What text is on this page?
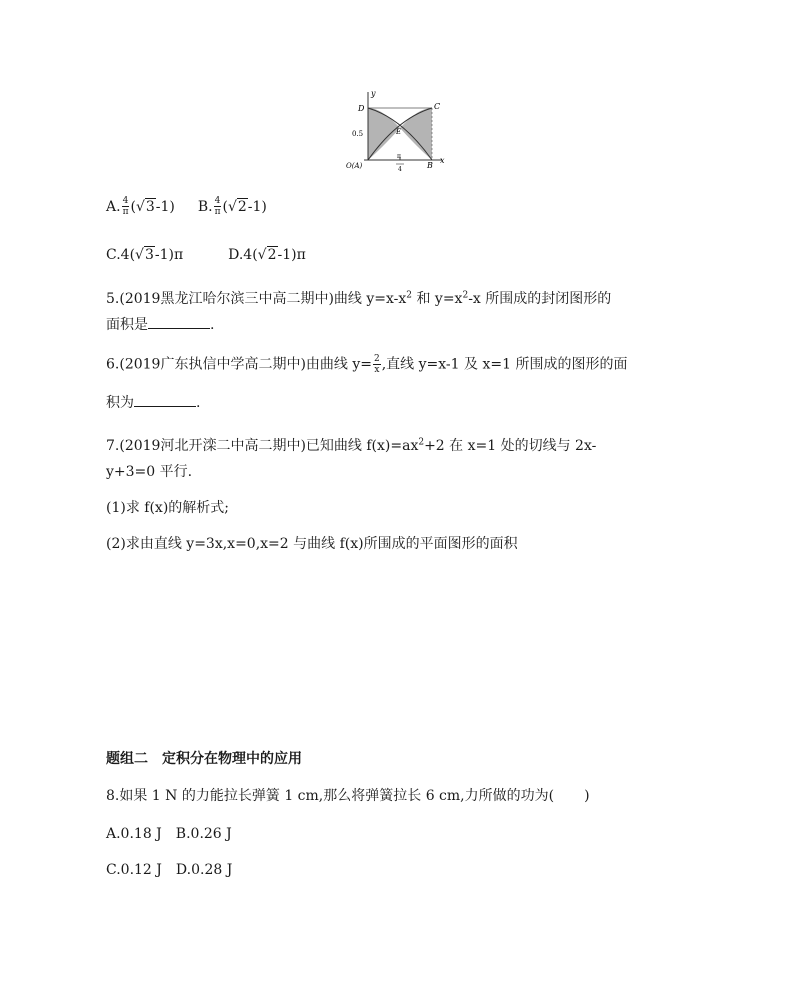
y
x
D	C
E
B
0.5
O(A)
π
4
A. $\frac{4}{\pi} (√3-1)$ B. $\frac{4}{\pi} (√2-1)$
C.4(√3-1)π	D.4(√2-1)π
5.(2019黑龙江哈尔滨三中高二期中)曲线 $y=x-x^2$ 和 $y=x^2-x$ 所围成的封闭图形的
面积是	.
6.(2019广东执信中学高二期中)由曲线 $y= \frac{2}{x}$ ,直线 y=x-1 及 x=1 所围成的图形的面
积为	.
7.(2019河北开滦二中高二期中)已知曲线 $f(x)=ax^2+2$ 在 x=1 处的切线与 2x-
y+3=0 平行.
(1)求 f(x)的解析式;
(2)求由直线 y=3x,x=0,x=2 与曲线 f(x)所围成的平面图形的面积
题组二　定积分在物理中的应用
8.如果 1 N 的力能拉长弹簧 1 cm,那么将弹簧拉长 6 cm,力所做的功为( )
A.0.18 J B.0.26 J
C.0.12 J D.0.28 J
